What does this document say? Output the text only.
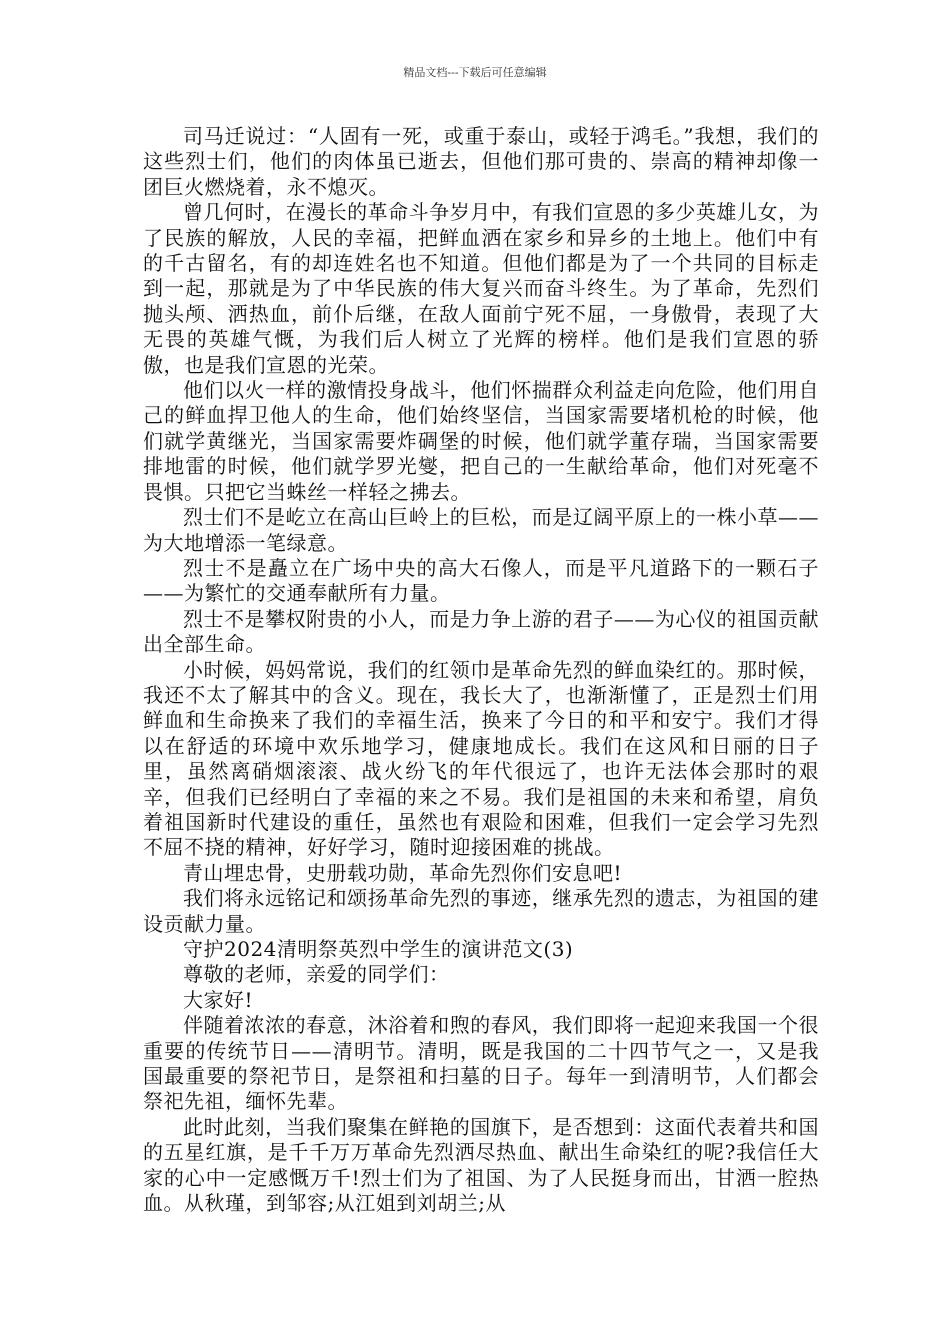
精品文档---下载后可任意编辑

司马迁说过：“人固有一死，或重于泰山，或轻于鸿毛。”我想，我们的这些烈士们，他们的肉体虽已逝去，但他们那可贵的、崇高的精神却像一团巨火燃烧着，永不熄灭。

曾几何时，在漫长的革命斗争岁月中，有我们宣恩的多少英雄儿女，为了民族的解放，人民的幸福，把鲜血洒在家乡和异乡的土地上。他们中有的千古留名，有的却连姓名也不知道。但他们都是为了一个共同的目标走到一起，那就是为了中华民族的伟大复兴而奋斗终生。为了革命，先烈们抛头颅、洒热血，前仆后继，在敌人面前宁死不屈，一身傲骨，表现了大无畏的英雄气慨，为我们后人树立了光辉的榜样。他们是我们宣恩的骄傲，也是我们宣恩的光荣。

他们以火一样的激情投身战斗，他们怀揣群众利益走向危险，他们用自己的鲜血捍卫他人的生命，他们始终坚信，当国家需要堵机枪的时候，他们就学黄继光，当国家需要炸碉堡的时候，他们就学董存瑞，当国家需要排地雷的时候，他们就学罗光燮，把自己的一生献给革命，他们对死毫不畏惧。只把它当蛛丝一样轻之拂去。

烈士们不是屹立在高山巨岭上的巨松，而是辽阔平原上的一株小草——为大地增添一笔绿意。

烈士不是矗立在广场中央的高大石像人，而是平凡道路下的一颗石子——为繁忙的交通奉献所有力量。

烈士不是攀权附贵的小人，而是力争上游的君子——为心仪的祖国贡献出全部生命。

小时候，妈妈常说，我们的红领巾是革命先烈的鲜血染红的。那时候，我还不太了解其中的含义。现在，我长大了，也渐渐懂了，正是烈士们用鲜血和生命换来了我们的幸福生活，换来了今日的和平和安宁。我们才得以在舒适的环境中欢乐地学习，健康地成长。我们在这风和日丽的日子里，虽然离硝烟滚滚、战火纷飞的年代很远了，也许无法体会那时的艰辛，但我们已经明白了幸福的来之不易。我们是祖国的未来和希望，肩负着祖国新时代建设的重任，虽然也有艰险和困难，但我们一定会学习先烈不屈不挠的精神，好好学习，随时迎接困难的挑战。

青山埋忠骨，史册载功勋，革命先烈你们安息吧!

我们将永远铭记和颂扬革命先烈的事迹，继承先烈的遗志，为祖国的建设贡献力量。

守护2024清明祭英烈中学生的演讲范文(3)

尊敬的老师，亲爱的同学们：

大家好!

伴随着浓浓的春意，沐浴着和煦的春风，我们即将一起迎来我国一个很重要的传统节日——清明节。清明，既是我国的二十四节气之一，又是我国最重要的祭祀节日，是祭祖和扫墓的日子。每年一到清明节，人们都会祭祀先祖，缅怀先辈。

此时此刻，当我们聚集在鲜艳的国旗下，是否想到：这面代表着共和国的五星红旗，是千千万万革命先烈洒尽热血、献出生命染红的呢?我信任大家的心中一定感慨万千!烈士们为了祖国、为了人民挺身而出，甘洒一腔热血。从秋瑾，到邹容;从江姐到刘胡兰;从
